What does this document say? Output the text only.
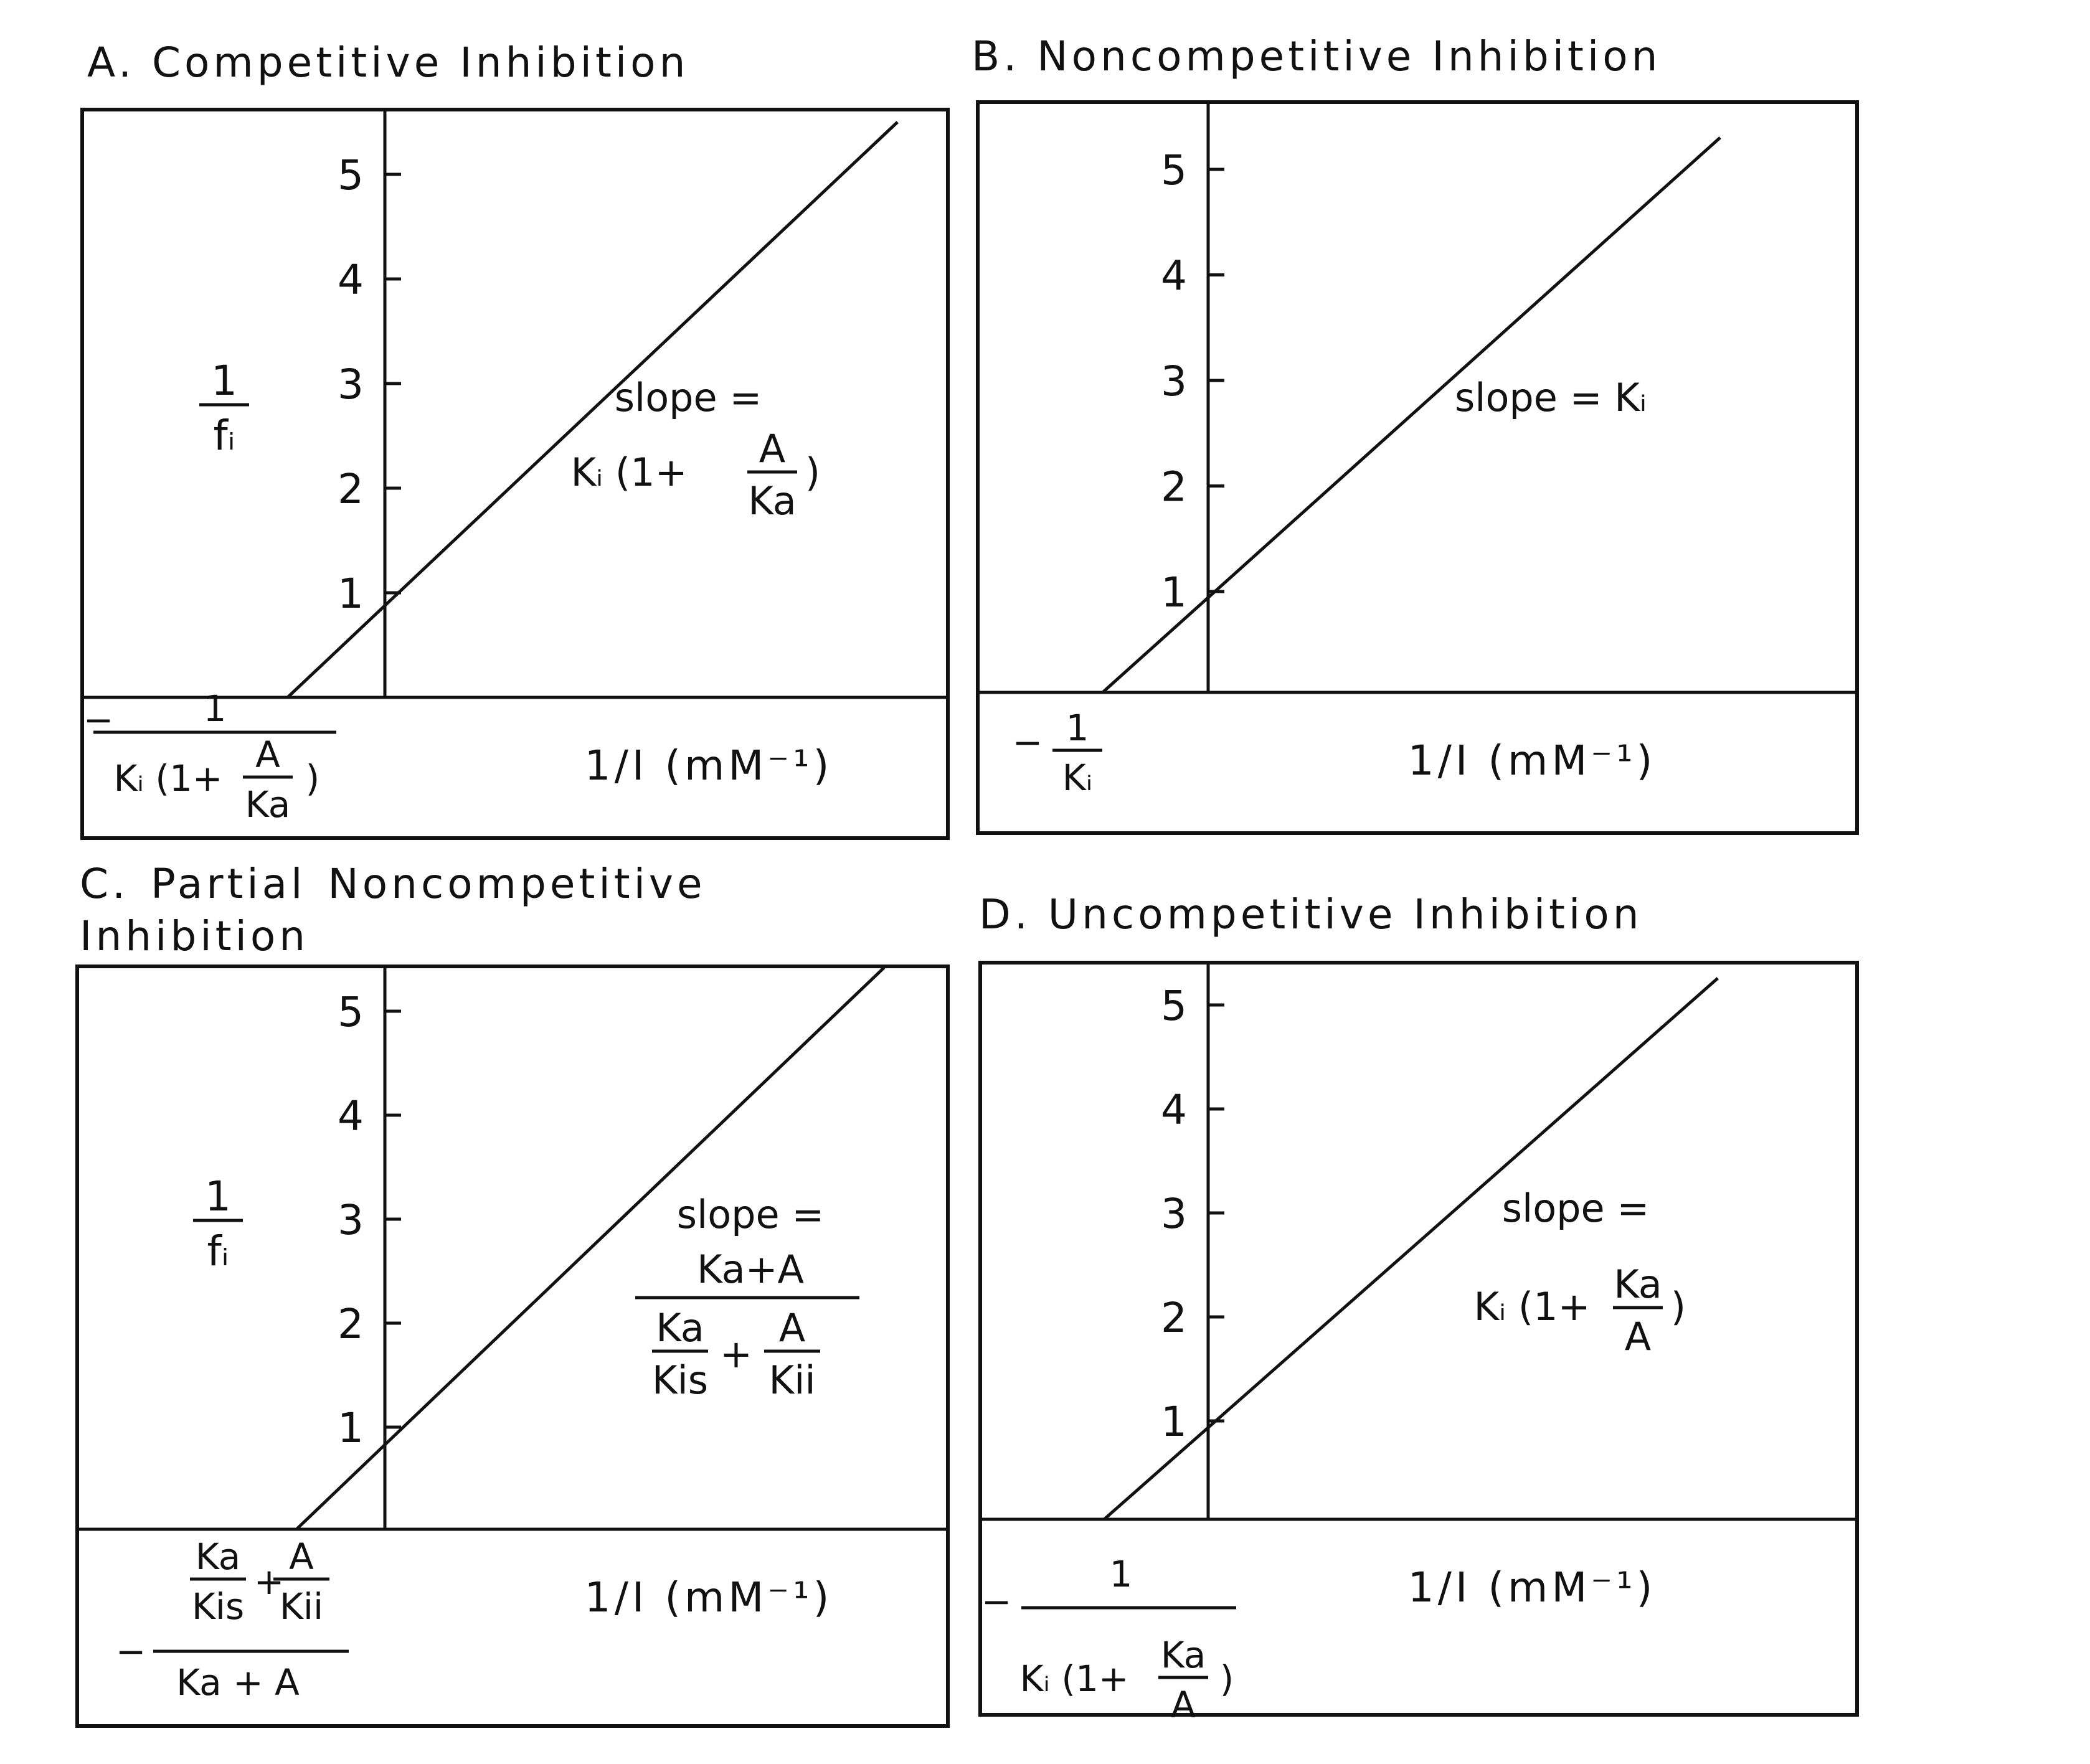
A. Competitive Inhibition	B. Noncompetitive Inhibition
C. Partial Noncompetitive Inhibition	D. Uncompetitive Inhibition
1
2
3
4
5
1/I (mM⁻¹)
1
2
3
4
5
1/I (mM⁻¹)
1
2
3
4
5
1/I (mM⁻¹)
1
2
3
4
5
1/I (mM⁻¹)
1
fᵢ
1
fᵢ
slope =
Kᵢ (1+
A
Ka
)
1
−
Kᵢ (1+
A
Ka
)
slope = Kᵢ
− 1
Kᵢ
slope =
Ka+A
Ka
Kis
+
A
Kii
Ka
Kis
+
A
Kii
−
Ka + A
slope =
Kᵢ (1+ Ka
A
)
−
1
Kᵢ (1+
Ka
A
)
